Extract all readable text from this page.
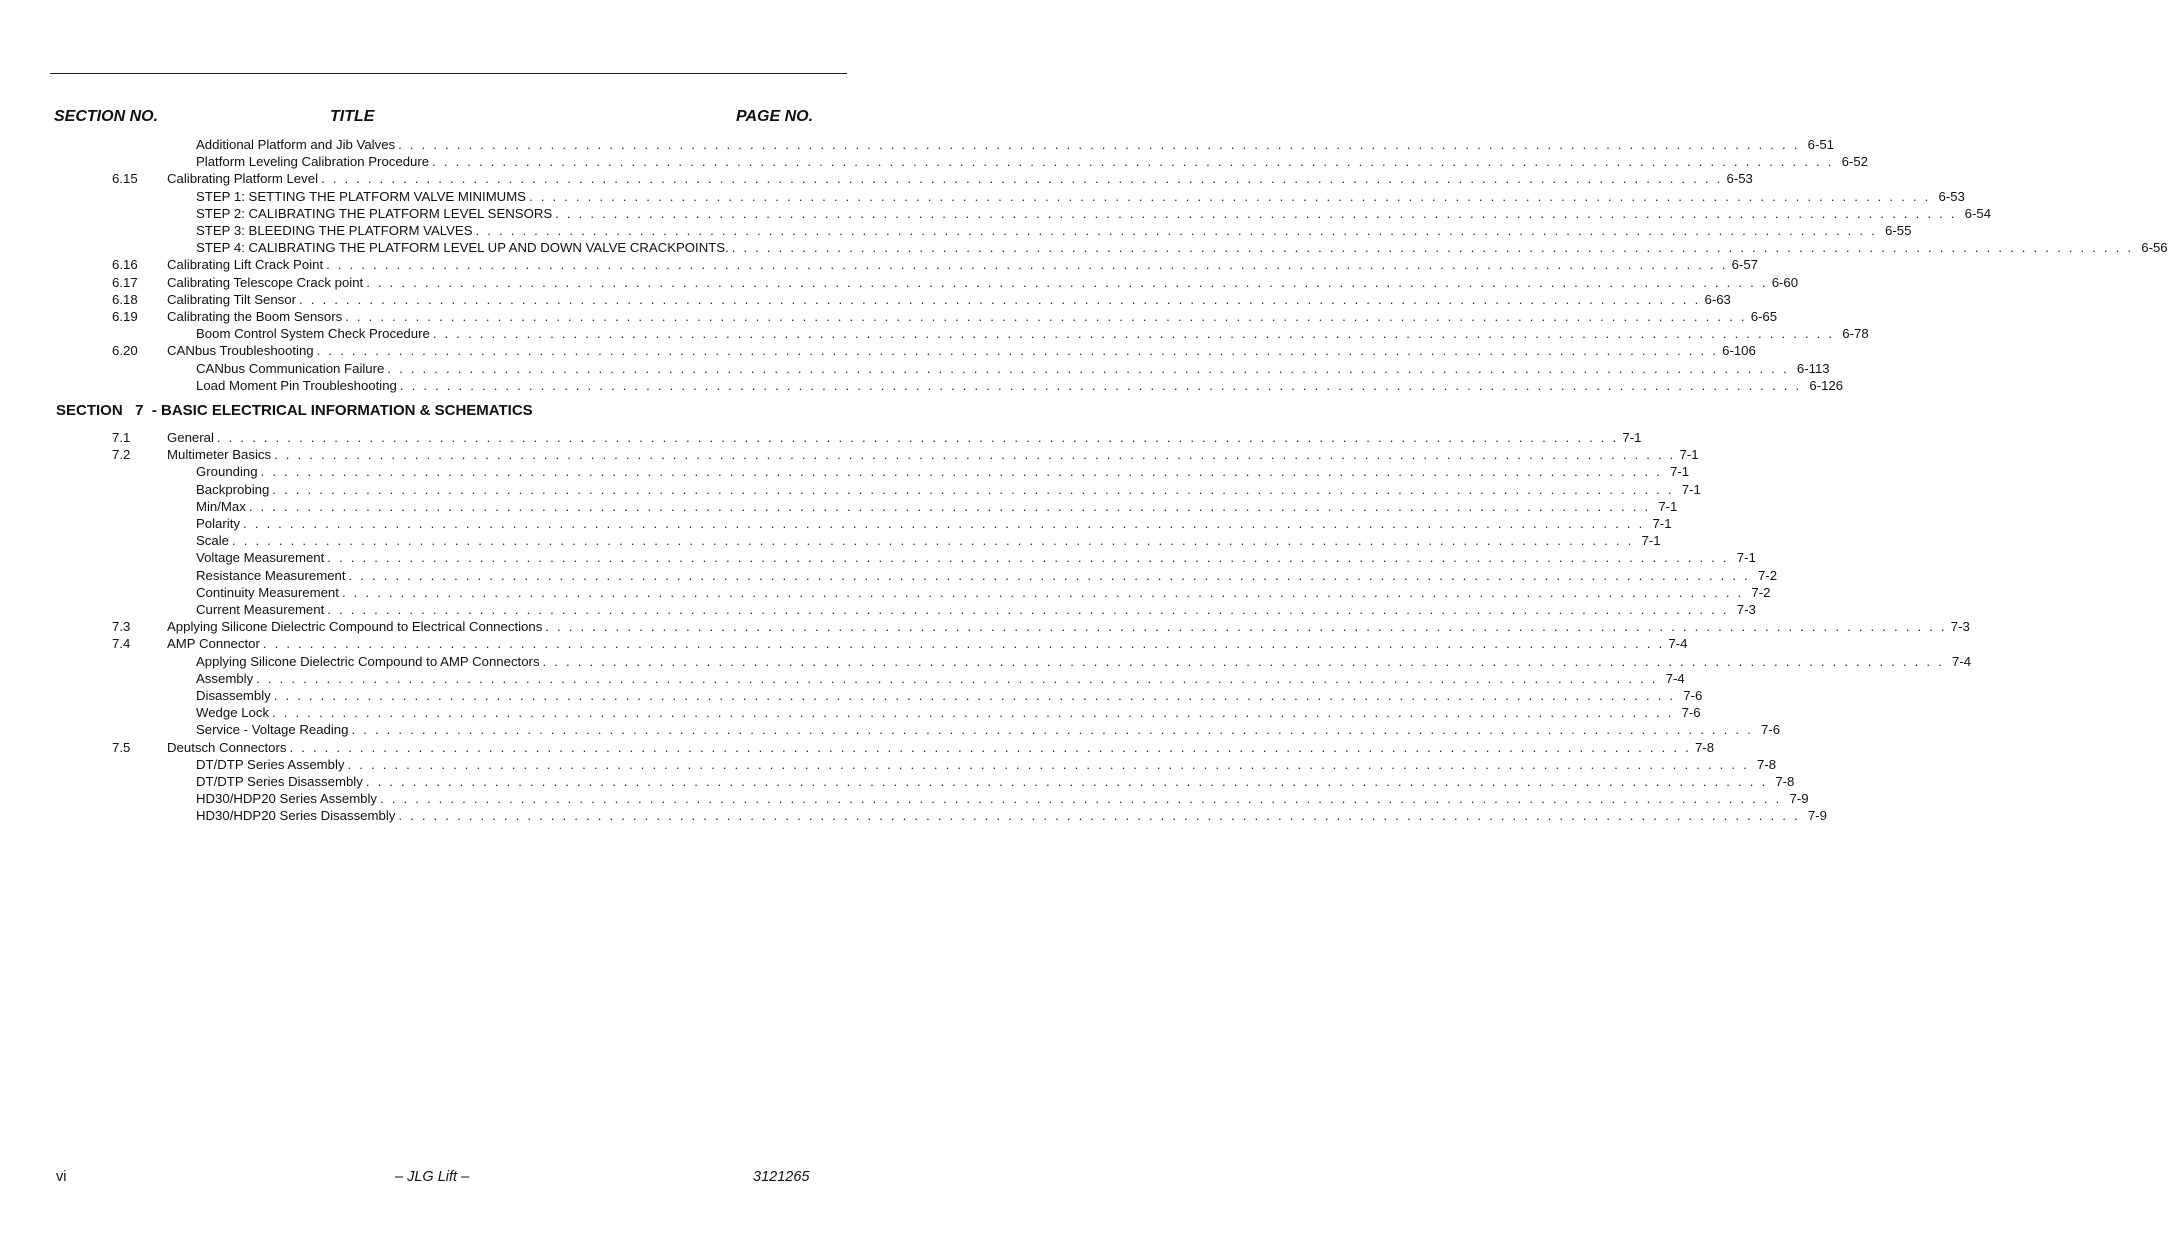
SECTION NO.	TITLE	PAGE NO.
Additional Platform and Jib Valves . . . . . . . . . . . . . . . . . . . . . . . . . . . . . . . . . . . . . . . . . . . . . . . . . . . . . . . . . . . . . . . . . . . . . . . . . . . . . . . . . . . . . . . . . . . . . . . . . . . . . . . . . . . . . . . . . . . . . . . . 6-51
Platform Leveling Calibration Procedure . . . . . . . . . . . . . . . . . . . . . . . . . . . . . . . . . . . . . . . . . . . . . . . . . . . . . . . . . . . . . . . . . . . . . . . . . . . . . . . . . . . . . . . . . . . . . . . . . . . . . . . . . . . . . . . . . . . . . . . . 6-52
6.15 Calibrating Platform Level . . . . . . . . . . . . . . . . . . . . . . . . . . . . . . . . . . . . . . . . . . . . . . . . . . . . . . . . . . . . . . . . . . . . . . . . . . . . . . . . . . . . . . . . . . . . . . . . . . . . . . . . . . . . . . . . . . . . . . . . 6-53
STEP 1: SETTING THE PLATFORM VALVE MINIMUMS . . . . . . . . . . . . . . . . . . . . . . . . . . . . . . . . . . . . . . . . . . . . . . . . . . . . . . . . . . . . . . . . . . . . . . . . . . . . . . . . . . . . . . . . . . . . . . . . . . . . . . . . . . . . . . . . . . . . . . . . 6-53
STEP 2: CALIBRATING THE PLATFORM LEVEL SENSORS . . . . . . . . . . . . . . . . . . . . . . . . . . . . . . . . . . . . . . . . . . . . . . . . . . . . . . . . . . . . . . . . . . . . . . . . . . . . . . . . . . . . . . . . . . . . . . . . . . . . . . . . . . . . . . . . . . . . . . . . 6-54
STEP 3: BLEEDING THE PLATFORM VALVES . . . . . . . . . . . . . . . . . . . . . . . . . . . . . . . . . . . . . . . . . . . . . . . . . . . . . . . . . . . . . . . . . . . . . . . . . . . . . . . . . . . . . . . . . . . . . . . . . . . . . . . . . . . . . . . . . . . . . . . . 6-55
STEP 4: CALIBRATING THE PLATFORM LEVEL UP AND DOWN VALVE CRACKPOINTS. . . . . . . . . . . . . . . . . . . . . . . . . . . . . . . . . . . . . . . . . . . . . . . . . . . . . . . . . . . . . . . . . . . . . . . . . . . . . . . . . . . . . . . . . . . . . . . . . . . . . . . . . . . . . . . . . . . . . . . . . 6-56
6.16 Calibrating Lift Crack Point . . . . . . . . . . . . . . . . . . . . . . . . . . . . . . . . . . . . . . . . . . . . . . . . . . . . . . . . . . . . . . . . . . . . . . . . . . . . . . . . . . . . . . . . . . . . . . . . . . . . . . . . . . . . . . . . . . . . . . . . 6-57
6.17 Calibrating Telescope Crack point . . . . . . . . . . . . . . . . . . . . . . . . . . . . . . . . . . . . . . . . . . . . . . . . . . . . . . . . . . . . . . . . . . . . . . . . . . . . . . . . . . . . . . . . . . . . . . . . . . . . . . . . . . . . . . . . . . . . . . . . 6-60
6.18 Calibrating Tilt Sensor . . . . . . . . . . . . . . . . . . . . . . . . . . . . . . . . . . . . . . . . . . . . . . . . . . . . . . . . . . . . . . . . . . . . . . . . . . . . . . . . . . . . . . . . . . . . . . . . . . . . . . . . . . . . . . . . . . . . . . . . 6-63
6.19 Calibrating the Boom Sensors . . . . . . . . . . . . . . . . . . . . . . . . . . . . . . . . . . . . . . . . . . . . . . . . . . . . . . . . . . . . . . . . . . . . . . . . . . . . . . . . . . . . . . . . . . . . . . . . . . . . . . . . . . . . . . . . . . . . . . . . 6-65
Boom Control System Check Procedure . . . . . . . . . . . . . . . . . . . . . . . . . . . . . . . . . . . . . . . . . . . . . . . . . . . . . . . . . . . . . . . . . . . . . . . . . . . . . . . . . . . . . . . . . . . . . . . . . . . . . . . . . . . . . . . . . . . . . . . . 6-78
6.20 CANbus Troubleshooting . . . . . . . . . . . . . . . . . . . . . . . . . . . . . . . . . . . . . . . . . . . . . . . . . . . . . . . . . . . . . . . . . . . . . . . . . . . . . . . . . . . . . . . . . . . . . . . . . . . . . . . . . . . . . . . . . . . . . . . . 6-106
CANbus Communication Failure . . . . . . . . . . . . . . . . . . . . . . . . . . . . . . . . . . . . . . . . . . . . . . . . . . . . . . . . . . . . . . . . . . . . . . . . . . . . . . . . . . . . . . . . . . . . . . . . . . . . . . . . . . . . . . . . . . . . . . . . 6-113
Load Moment Pin Troubleshooting . . . . . . . . . . . . . . . . . . . . . . . . . . . . . . . . . . . . . . . . . . . . . . . . . . . . . . . . . . . . . . . . . . . . . . . . . . . . . . . . . . . . . . . . . . . . . . . . . . . . . . . . . . . . . . . . . . . . . . . . 6-126
SECTION   7  - BASIC ELECTRICAL INFORMATION & SCHEMATICS
7.1	General . . . . . . . . . . . . . . . . . . . . . . . . . . . . . . . . . . . . . . . . . . . . . . . . . . . . . . . . . . . . . . . . . . . . . . . . . . . . . . . . . . . . . . . . . . . . . . . . . . . . . . . . . . . . . . . . . . . . . . . . 7-1
7.2	Multimeter Basics . . . . . . . . . . . . . . . . . . . . . . . . . . . . . . . . . . . . . . . . . . . . . . . . . . . . . . . . . . . . . . . . . . . . . . . . . . . . . . . . . . . . . . . . . . . . . . . . . . . . . . . . . . . . . . . . . . . . . . . . 7-1
Grounding . . . . . . . . . . . . . . . . . . . . . . . . . . . . . . . . . . . . . . . . . . . . . . . . . . . . . . . . . . . . . . . . . . . . . . . . . . . . . . . . . . . . . . . . . . . . . . . . . . . . . . . . . . . . . . . . . . . . . . . . 7-1
Backprobing . . . . . . . . . . . . . . . . . . . . . . . . . . . . . . . . . . . . . . . . . . . . . . . . . . . . . . . . . . . . . . . . . . . . . . . . . . . . . . . . . . . . . . . . . . . . . . . . . . . . . . . . . . . . . . . . . . . . . . . . 7-1
Min/Max . . . . . . . . . . . . . . . . . . . . . . . . . . . . . . . . . . . . . . . . . . . . . . . . . . . . . . . . . . . . . . . . . . . . . . . . . . . . . . . . . . . . . . . . . . . . . . . . . . . . . . . . . . . . . . . . . . . . . . . . 7-1
Polarity . . . . . . . . . . . . . . . . . . . . . . . . . . . . . . . . . . . . . . . . . . . . . . . . . . . . . . . . . . . . . . . . . . . . . . . . . . . . . . . . . . . . . . . . . . . . . . . . . . . . . . . . . . . . . . . . . . . . . . . . 7-1
Scale . . . . . . . . . . . . . . . . . . . . . . . . . . . . . . . . . . . . . . . . . . . . . . . . . . . . . . . . . . . . . . . . . . . . . . . . . . . . . . . . . . . . . . . . . . . . . . . . . . . . . . . . . . . . . . . . . . . . . . . . 7-1
Voltage Measurement . . . . . . . . . . . . . . . . . . . . . . . . . . . . . . . . . . . . . . . . . . . . . . . . . . . . . . . . . . . . . . . . . . . . . . . . . . . . . . . . . . . . . . . . . . . . . . . . . . . . . . . . . . . . . . . . . . . . . . . . 7-1
Resistance Measurement . . . . . . . . . . . . . . . . . . . . . . . . . . . . . . . . . . . . . . . . . . . . . . . . . . . . . . . . . . . . . . . . . . . . . . . . . . . . . . . . . . . . . . . . . . . . . . . . . . . . . . . . . . . . . . . . . . . . . . . . 7-2
Continuity Measurement . . . . . . . . . . . . . . . . . . . . . . . . . . . . . . . . . . . . . . . . . . . . . . . . . . . . . . . . . . . . . . . . . . . . . . . . . . . . . . . . . . . . . . . . . . . . . . . . . . . . . . . . . . . . . . . . . . . . . . . . 7-2
Current Measurement . . . . . . . . . . . . . . . . . . . . . . . . . . . . . . . . . . . . . . . . . . . . . . . . . . . . . . . . . . . . . . . . . . . . . . . . . . . . . . . . . . . . . . . . . . . . . . . . . . . . . . . . . . . . . . . . . . . . . . . . 7-3
7.3	Applying Silicone Dielectric Compound to Electrical Connections . . . . . . . . . . . . . . . . . . . . . . . . . . . . . . . . . . . . . . . . . . . . . . . . . . . . . . . . . . . . . . . . . . . . . . . . . . . . . . . . . . . . . . . . . . . . . . . . . . . . . . . . . . . . . . . . . . . . . . . . 7-3
7.4	AMP Connector . . . . . . . . . . . . . . . . . . . . . . . . . . . . . . . . . . . . . . . . . . . . . . . . . . . . . . . . . . . . . . . . . . . . . . . . . . . . . . . . . . . . . . . . . . . . . . . . . . . . . . . . . . . . . . . . . . . . . . . . 7-4
Applying Silicone Dielectric Compound to AMP Connectors . . . . . . . . . . . . . . . . . . . . . . . . . . . . . . . . . . . . . . . . . . . . . . . . . . . . . . . . . . . . . . . . . . . . . . . . . . . . . . . . . . . . . . . . . . . . . . . . . . . . . . . . . . . . . . . . . . . . . . . . 7-4
Assembly . . . . . . . . . . . . . . . . . . . . . . . . . . . . . . . . . . . . . . . . . . . . . . . . . . . . . . . . . . . . . . . . . . . . . . . . . . . . . . . . . . . . . . . . . . . . . . . . . . . . . . . . . . . . . . . . . . . . . . . . 7-4
Disassembly . . . . . . . . . . . . . . . . . . . . . . . . . . . . . . . . . . . . . . . . . . . . . . . . . . . . . . . . . . . . . . . . . . . . . . . . . . . . . . . . . . . . . . . . . . . . . . . . . . . . . . . . . . . . . . . . . . . . . . . . 7-6
Wedge Lock . . . . . . . . . . . . . . . . . . . . . . . . . . . . . . . . . . . . . . . . . . . . . . . . . . . . . . . . . . . . . . . . . . . . . . . . . . . . . . . . . . . . . . . . . . . . . . . . . . . . . . . . . . . . . . . . . . . . . . . . 7-6
Service - Voltage Reading . . . . . . . . . . . . . . . . . . . . . . . . . . . . . . . . . . . . . . . . . . . . . . . . . . . . . . . . . . . . . . . . . . . . . . . . . . . . . . . . . . . . . . . . . . . . . . . . . . . . . . . . . . . . . . . . . . . . . . . . 7-6
7.5	Deutsch Connectors . . . . . . . . . . . . . . . . . . . . . . . . . . . . . . . . . . . . . . . . . . . . . . . . . . . . . . . . . . . . . . . . . . . . . . . . . . . . . . . . . . . . . . . . . . . . . . . . . . . . . . . . . . . . . . . . . . . . . . . . 7-8
DT/DTP Series Assembly . . . . . . . . . . . . . . . . . . . . . . . . . . . . . . . . . . . . . . . . . . . . . . . . . . . . . . . . . . . . . . . . . . . . . . . . . . . . . . . . . . . . . . . . . . . . . . . . . . . . . . . . . . . . . . . . . . . . . . . . 7-8
DT/DTP Series Disassembly . . . . . . . . . . . . . . . . . . . . . . . . . . . . . . . . . . . . . . . . . . . . . . . . . . . . . . . . . . . . . . . . . . . . . . . . . . . . . . . . . . . . . . . . . . . . . . . . . . . . . . . . . . . . . . . . . . . . . . . . 7-8
HD30/HDP20 Series Assembly . . . . . . . . . . . . . . . . . . . . . . . . . . . . . . . . . . . . . . . . . . . . . . . . . . . . . . . . . . . . . . . . . . . . . . . . . . . . . . . . . . . . . . . . . . . . . . . . . . . . . . . . . . . . . . . . . . . . . . . . 7-9
HD30/HDP20 Series Disassembly . . . . . . . . . . . . . . . . . . . . . . . . . . . . . . . . . . . . . . . . . . . . . . . . . . . . . . . . . . . . . . . . . . . . . . . . . . . . . . . . . . . . . . . . . . . . . . . . . . . . . . . . . . . . . . . . . . . . . . . . 7-9
vi	– JLG Lift –	3121265
